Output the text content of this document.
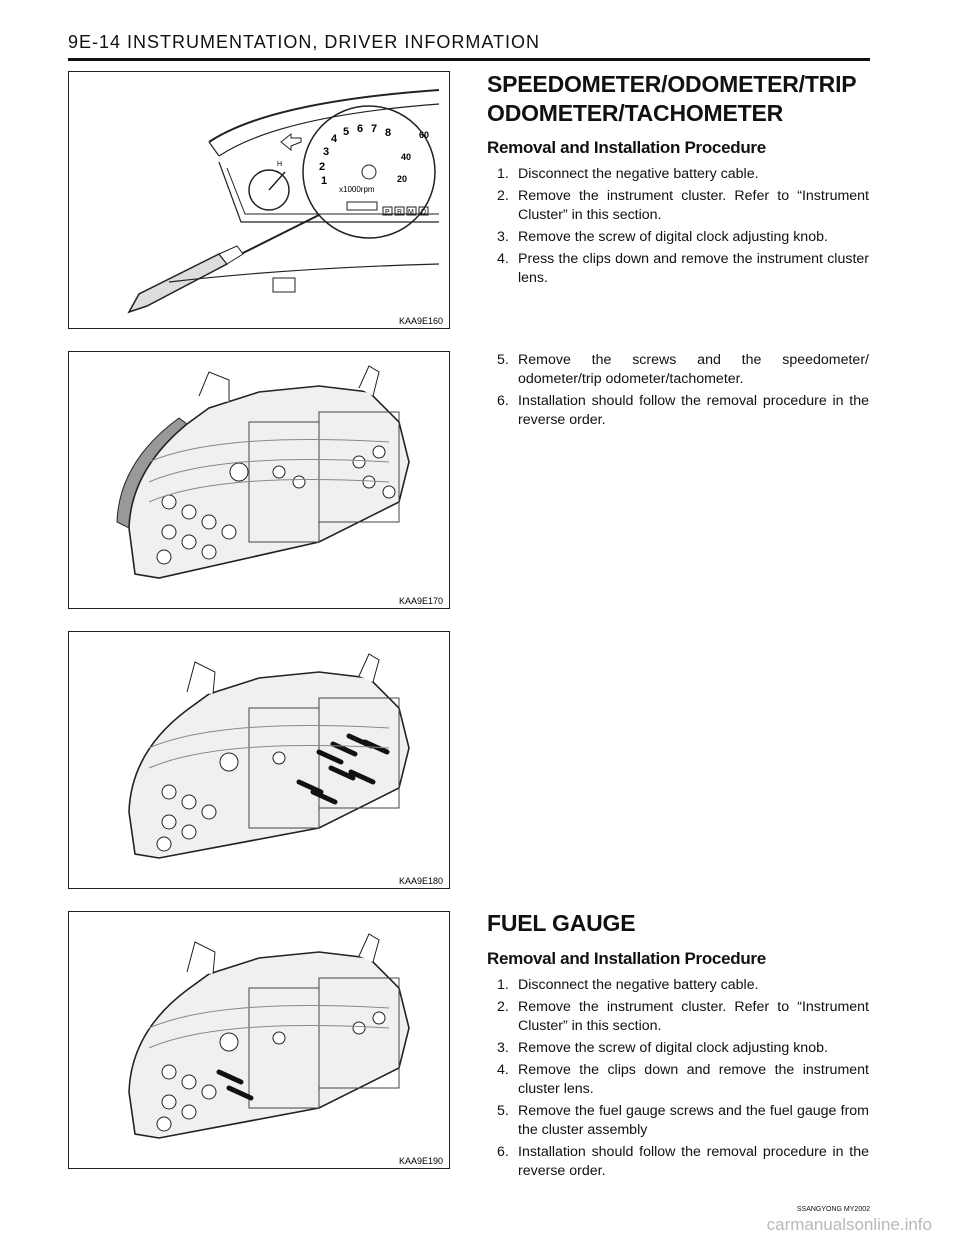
9E-14 INSTRUMENTATION, DRIVER INFORMATION
H
1
2
3
4
5 6 7 8
x1000rpm
20
40
60
P R M D
KAA9E160
KAA9E170
KAA9E180
KAA9E190
SPEEDOMETER/ODOMETER/TRIP ODOMETER/TACHOMETER
Removal and Installation Procedure
1. Disconnect the negative battery cable.
2. Remove the instrument cluster. Refer to “Instrument Cluster” in this section.
3. Remove the screw of digital clock adjusting knob.
4. Press the clips down and remove the instrument cluster lens.
5. Remove the screws and the speedometer/ odometer/trip odometer/tachometer.
6. Installation should follow the removal procedure in the reverse order.
FUEL GAUGE
Removal and Installation Procedure
1. Disconnect the negative battery cable.
2. Remove the instrument cluster. Refer to “Instrument Cluster” in this section.
3. Remove the screw of digital clock adjusting knob.
4. Remove the clips down and remove the instrument cluster lens.
5. Remove the fuel gauge screws and the fuel gauge from the cluster assembly
6. Installation should follow the removal procedure in the reverse order.
SSANGYONG MY2002
carmanualsonline.info
